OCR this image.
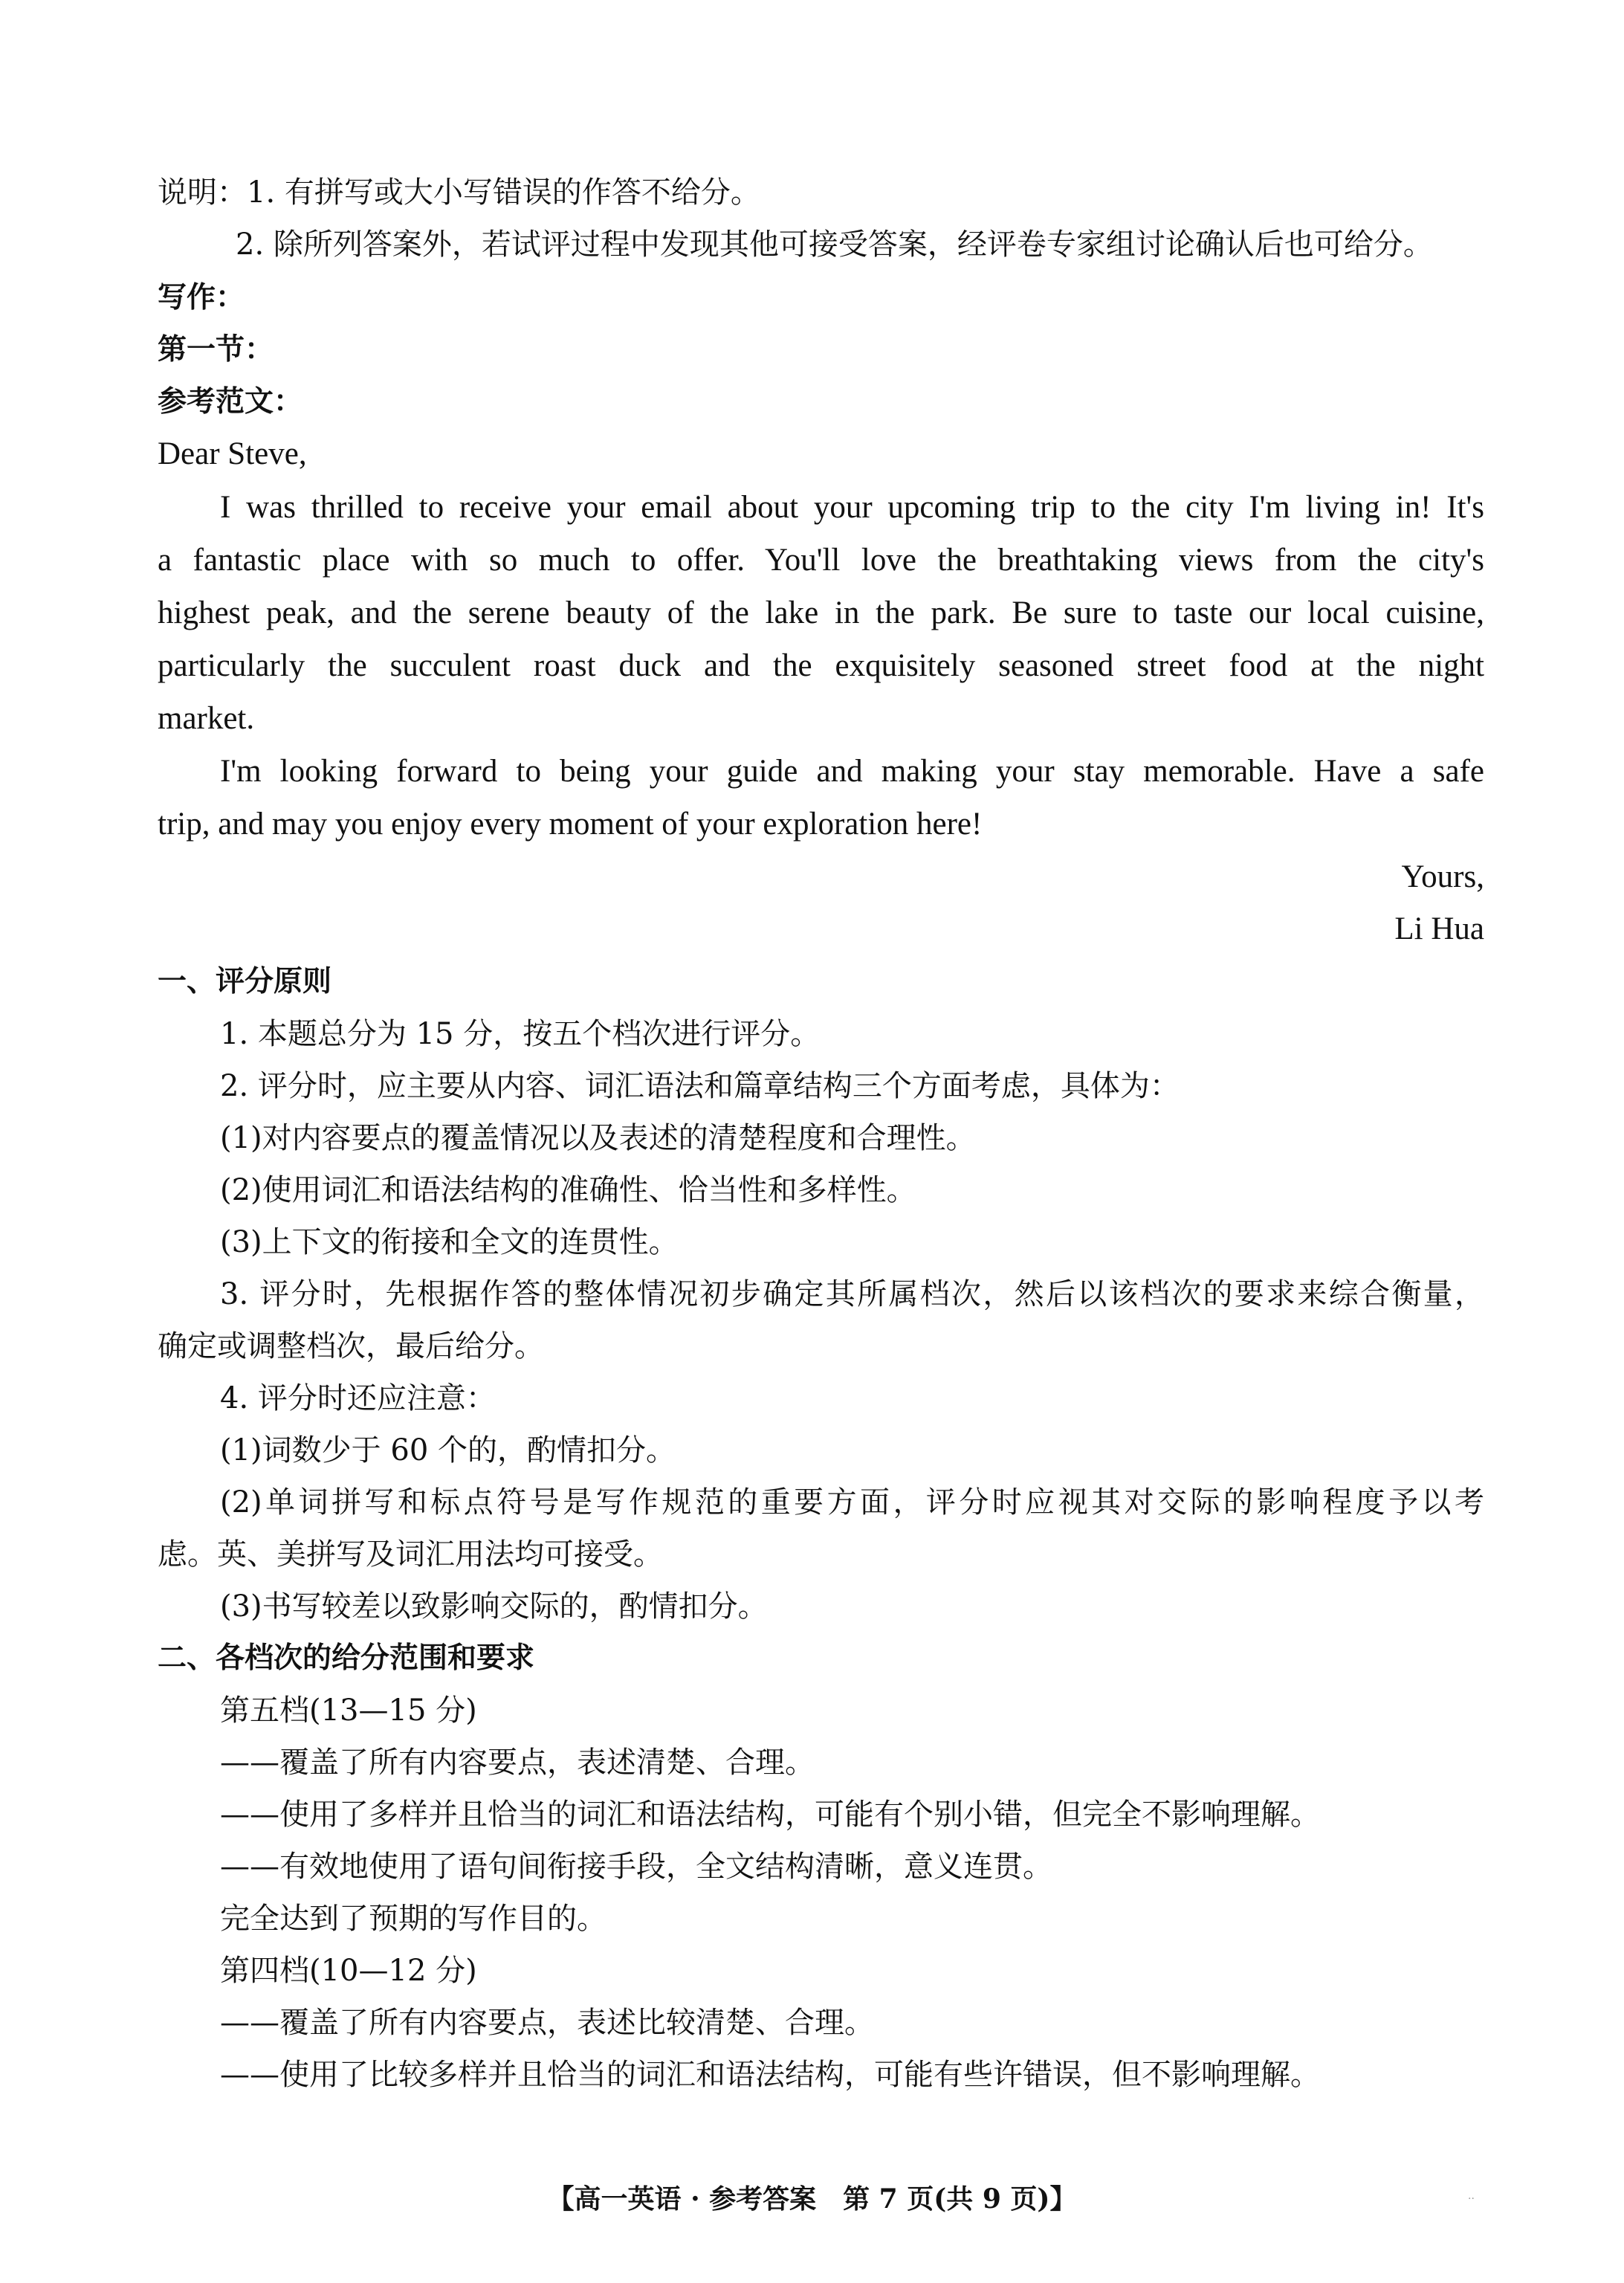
说明：1. 有拼写或大小写错误的作答不给分。
2. 除所列答案外，若试评过程中发现其他可接受答案，经评卷专家组讨论确认后也可给分。
写作：
第一节：
参考范文：
Dear Steve,
I was thrilled to receive your email about your upcoming trip to the city I'm living in! It's
a fantastic place with so much to offer. You'll love the breathtaking views from the city's
highest peak, and the serene beauty of the lake in the park. Be sure to taste our local cuisine,
particularly the succulent roast duck and the exquisitely seasoned street food at the night
market.
I'm looking forward to being your guide and making your stay memorable. Have a safe
trip, and may you enjoy every moment of your exploration here!
Yours,
Li Hua
一、评分原则
1. 本题总分为 15 分，按五个档次进行评分。
2. 评分时，应主要从内容、词汇语法和篇章结构三个方面考虑，具体为：
(1)对内容要点的覆盖情况以及表述的清楚程度和合理性。
(2)使用词汇和语法结构的准确性、恰当性和多样性。
(3)上下文的衔接和全文的连贯性。
3. 评分时，先根据作答的整体情况初步确定其所属档次，然后以该档次的要求来综合衡量，
确定或调整档次，最后给分。
4. 评分时还应注意：
(1)词数少于 60 个的，酌情扣分。
(2)单词拼写和标点符号是写作规范的重要方面，评分时应视其对交际的影响程度予以考
虑。英、美拼写及词汇用法均可接受。
(3)书写较差以致影响交际的，酌情扣分。
二、各档次的给分范围和要求
第五档(13—15 分)
——覆盖了所有内容要点，表述清楚、合理。
——使用了多样并且恰当的词汇和语法结构，可能有个别小错，但完全不影响理解。
——有效地使用了语句间衔接手段，全文结构清晰，意义连贯。
完全达到了预期的写作目的。
第四档(10—12 分)
——覆盖了所有内容要点，表述比较清楚、合理。
——使用了比较多样并且恰当的词汇和语法结构，可能有些许错误，但不影响理解。
【高一英语 · 参考答案　第 7 页(共 9 页)】	··
